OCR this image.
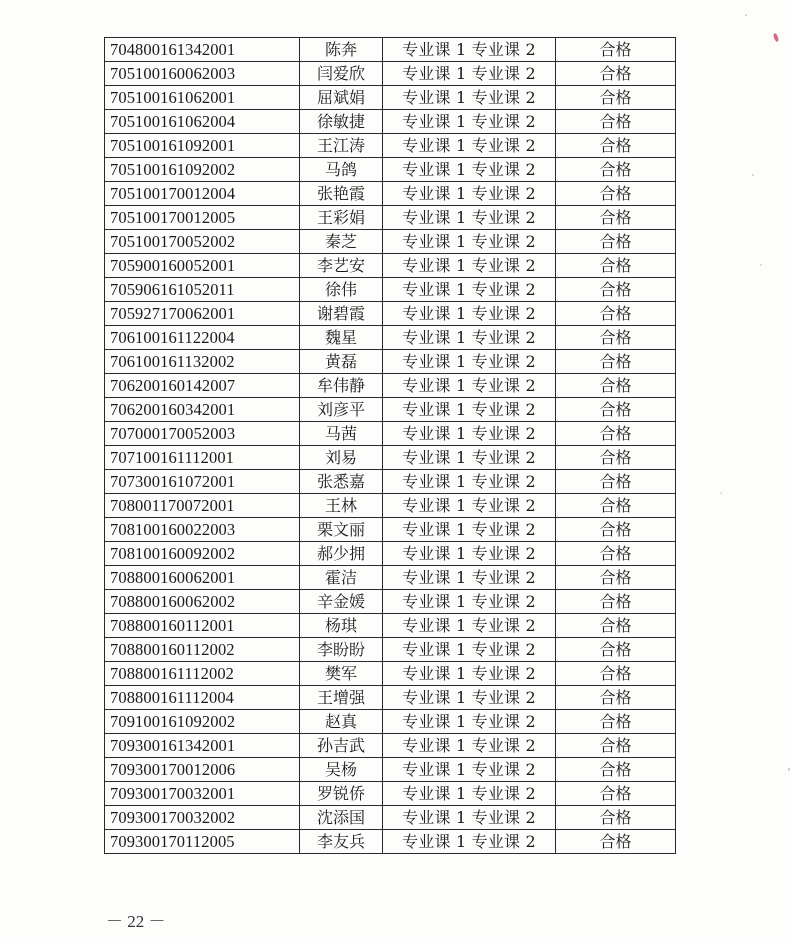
704800161342001	陈奔	专业课 1 专业课 2	合格
705100160062003	闫爱欣	专业课 1 专业课 2	合格
705100161062001	屈斌娟	专业课 1 专业课 2	合格
705100161062004	徐敏捷	专业课 1 专业课 2	合格
705100161092001	王江涛	专业课 1 专业课 2	合格
705100161092002	马鸽	专业课 1 专业课 2	合格
705100170012004	张艳霞	专业课 1 专业课 2	合格
705100170012005	王彩娟	专业课 1 专业课 2	合格
705100170052002	秦芝	专业课 1 专业课 2	合格
705900160052001	李艺安	专业课 1 专业课 2	合格
705906161052011	徐伟	专业课 1 专业课 2	合格
705927170062001	谢碧霞	专业课 1 专业课 2	合格
706100161122004	魏星	专业课 1 专业课 2	合格
706100161132002	黄磊	专业课 1 专业课 2	合格
706200160142007	牟伟静	专业课 1 专业课 2	合格
706200160342001	刘彦平	专业课 1 专业课 2	合格
707000170052003	马茜	专业课 1 专业课 2	合格
707100161112001	刘易	专业课 1 专业课 2	合格
707300161072001	张悉嘉	专业课 1 专业课 2	合格
708001170072001	王林	专业课 1 专业课 2	合格
708100160022003	栗文丽	专业课 1 专业课 2	合格
708100160092002	郝少拥	专业课 1 专业课 2	合格
708800160062001	霍洁	专业课 1 专业课 2	合格
708800160062002	辛金媛	专业课 1 专业课 2	合格
708800160112001	杨琪	专业课 1 专业课 2	合格
708800160112002	李盼盼	专业课 1 专业课 2	合格
708800161112002	樊军	专业课 1 专业课 2	合格
708800161112004	王增强	专业课 1 专业课 2	合格
709100161092002	赵真	专业课 1 专业课 2	合格
709300161342001	孙吉武	专业课 1 专业课 2	合格
709300170012006	吴杨	专业课 1 专业课 2	合格
709300170032001	罗锐侨	专业课 1 专业课 2	合格
709300170032002	沈添国	专业课 1 专业课 2	合格
709300170112005	李友兵	专业课 1 专业课 2	合格
－ 22 －
